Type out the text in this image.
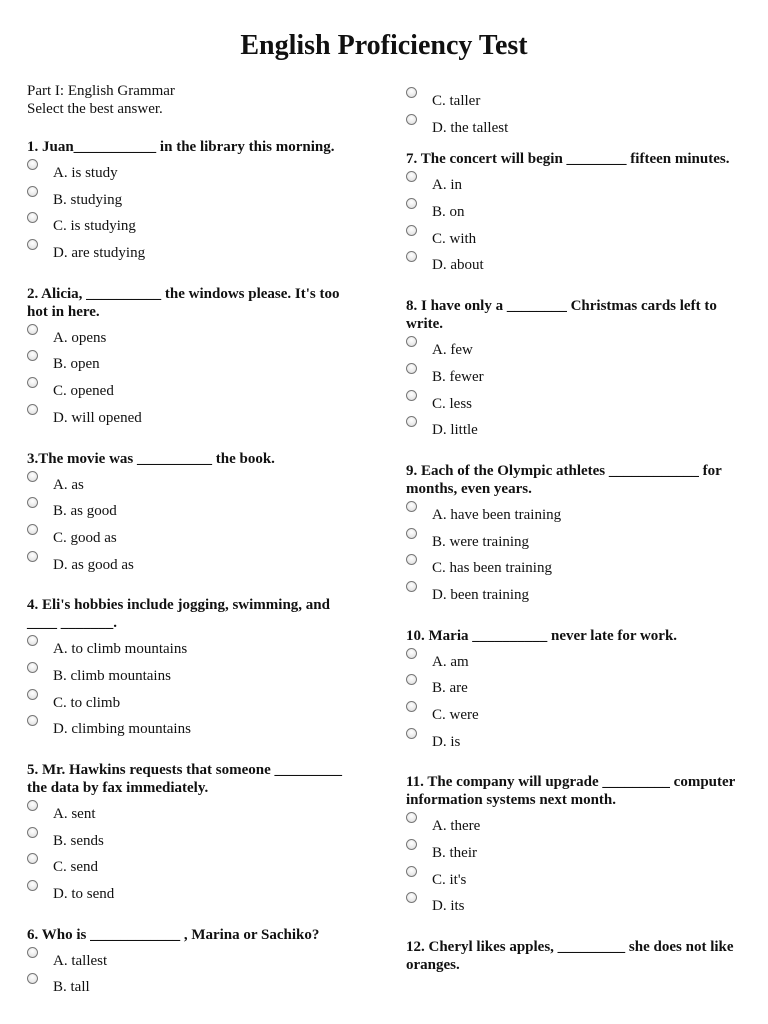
English Proficiency Test
Part I: English Grammar
Select the best answer.
1. Juan___________ in the library this morning.
A. is study
B. studying
C. is studying
D. are studying
2. Alicia, __________ the windows please. It's too hot in here.
A. opens
B. open
C. opened
D. will opened
3.The movie was __________ the book.
A. as
B. as good
C. good as
D. as good as
4. Eli's hobbies include jogging, swimming, and ____ _______.
A. to climb mountains
B. climb mountains
C. to climb
D. climbing mountains
5. Mr. Hawkins requests that someone _________ the data by fax immediately.
A. sent
B. sends
C. send
D. to send
6. Who is ____________ , Marina or Sachiko?
A. tallest
B. tall
C. taller
D. the tallest
7. The concert will begin ________ fifteen minutes.
A. in
B. on
C. with
D. about
8. I have only a ________ Christmas cards left to write.
A. few
B. fewer
C. less
D. little
9. Each of the Olympic athletes ____________ for months, even years.
A. have been training
B. were training
C. has been training
D. been training
10. Maria __________ never late for work.
A. am
B. are
C. were
D. is
11. The company will upgrade _________ computer information systems next month.
A. there
B. their
C. it's
D. its
12. Cheryl likes apples, _________ she does not like oranges.
